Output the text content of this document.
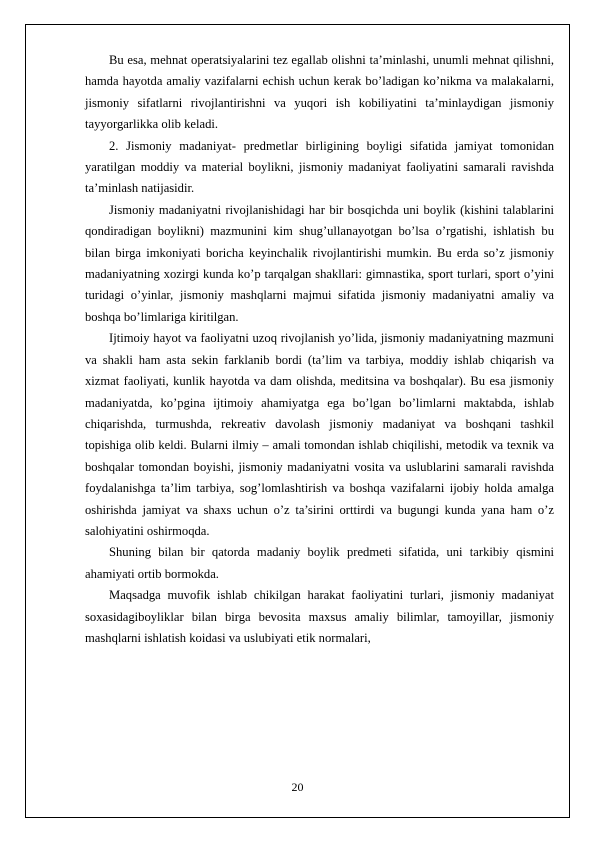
Bu esa, mehnat operatsiyalarini tez egallab olishni ta’minlashi, unumli mehnat qilishni, hamda hayotda amaliy vazifalarni echish uchun kerak bo’ladigan ko’nikma va malakalarni, jismoniy sifatlarni rivojlantirishni va yuqori ish kobiliyatini ta’minlaydigan jismoniy tayyorgarlikka olib keladi.

2. Jismoniy madaniyat- predmetlar birligining boyligi sifatida jamiyat tomonidan yaratilgan moddiy va material boylikni, jismoniy madaniyat faoliyatini samarali ravishda ta’minlash natijasidir.

Jismoniy madaniyatni rivojlanishidagi har bir bosqichda uni boylik (kishini talablarini qondiradigan boylikni) mazmunini kim shug’ullanayotgan bo’lsa o’rgatishi, ishlatish bu bilan birga imkoniyati boricha keyinchalik rivojlantirishi mumkin. Bu erda so’z jismoniy madaniyatning xozirgi kunda ko’p tarqalgan shakllari: gimnastika, sport turlari, sport o’yini turidagi o’yinlar, jismoniy mashqlarni majmui sifatida jismoniy madaniyatni amaliy va boshqa bo’limlariga kiritilgan.

Ijtimoiy hayot va faoliyatni uzoq rivojlanish yo’lida, jismoniy madaniyatning mazmuni va shakli ham asta sekin farklanib bordi (ta’lim va tarbiya, moddiy ishlab chiqarish va xizmat faoliyati, kunlik hayotda va dam olishda, meditsina va boshqalar). Bu esa jismoniy madaniyatda, ko’pgina ijtimoiy ahamiyatga ega bo’lgan bo’limlarni maktabda, ishlab chiqarishda, turmushda, rekreativ davolash jismoniy madaniyat va boshqani tashkil topishiga olib keldi. Bularni ilmiy – amali tomondan ishlab chiqilishi, metodik va texnik va boshqalar tomondan boyishi, jismoniy madaniyatni vosita va uslublarini samarali ravishda foydalanishga ta’lim tarbiya, sog’lomlashtirish va boshqa vazifalarni ijobiy holda amalga oshirishda jamiyat va shaxs uchun o’z ta’sirini orttirdi va bugungi kunda yana ham o’z salohiyatini oshirmoqda.

Shuning bilan bir qatorda madaniy boylik predmeti sifatida, uni tarkibiy qismini ahamiyati ortib bormokda.

Maqsadga muvofik ishlab chikilgan harakat faoliyatini turlari, jismoniy madaniyat soxasidagiboyliklar bilan birga bevosita maxsus amaliy bilimlar, tamoyillar, jismoniy mashqlarni ishlatish koidasi va uslubiyati etik normalari,

20
